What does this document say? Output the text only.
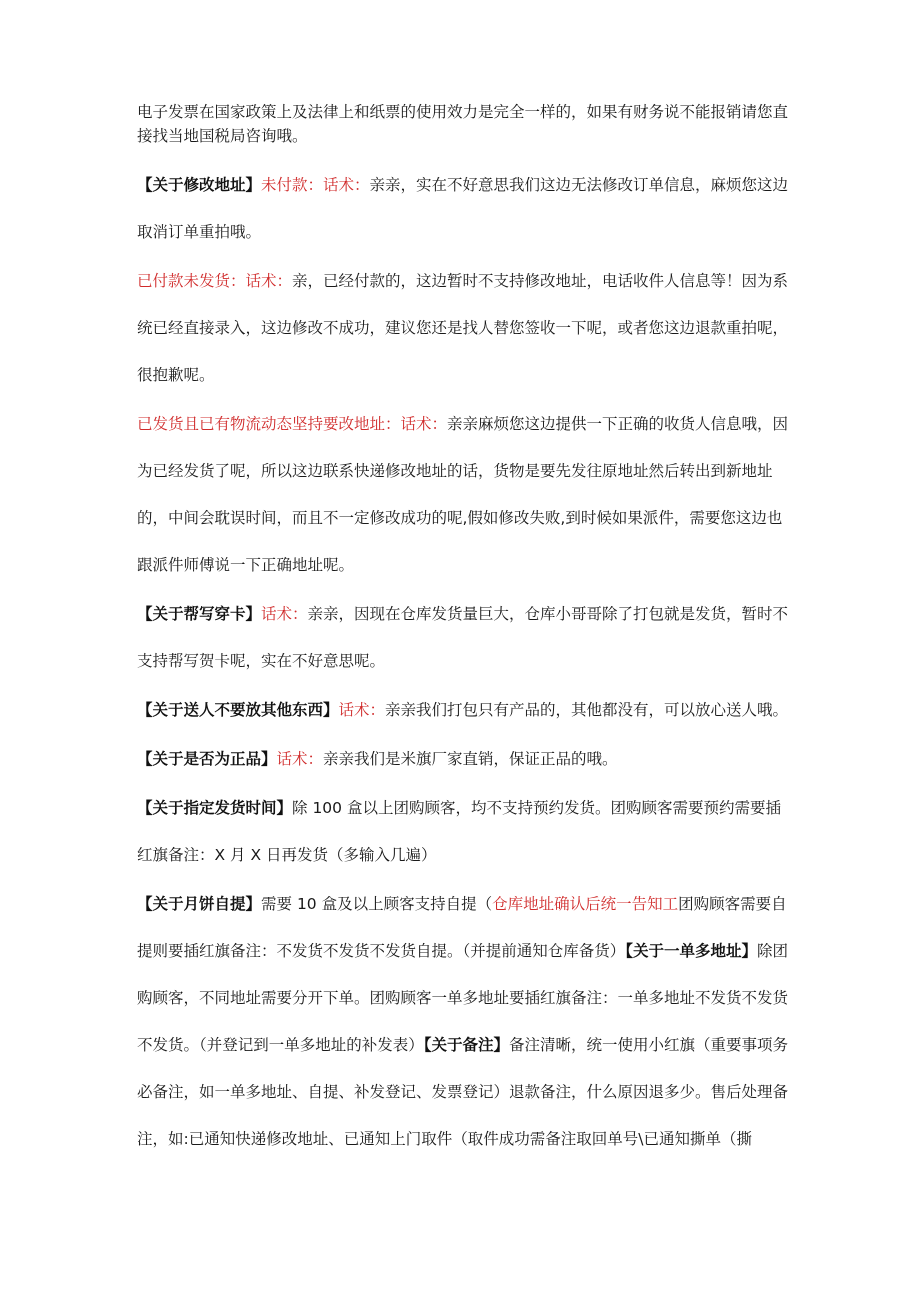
电子发票在国家政策上及法律上和纸票的使用效力是完全一样的，如果有财务说不能报销请您直接找当地国税局咨询哦。

【关于修改地址】未付款：话术：亲亲，实在不好意思我们这边无法修改订单信息，麻烦您这边取消订单重拍哦。

已付款未发货：话术：亲，已经付款的，这边暂时不支持修改地址，电话收件人信息等！因为系统已经直接录入，这边修改不成功，建议您还是找人替您签收一下呢，或者您这边退款重拍呢，很抱歉呢。

已发货且已有物流动态坚持要改地址：话术：亲亲麻烦您这边提供一下正确的收货人信息哦，因为已经发货了呢，所以这边联系快递修改地址的话，货物是要先发往原地址然后转出到新地址的，中间会耽误时间，而且不一定修改成功的呢,假如修改失败,到时候如果派件，需要您这边也跟派件师傅说一下正确地址呢。

【关于帮写穿卡】话术：亲亲，因现在仓库发货量巨大，仓库小哥哥除了打包就是发货，暂时不支持帮写贺卡呢，实在不好意思呢。

【关于送人不要放其他东西】话术：亲亲我们打包只有产品的，其他都没有，可以放心送人哦。

【关于是否为正品】话术：亲亲我们是米旗厂家直销，保证正品的哦。

【关于指定发货时间】除 100 盒以上团购顾客，均不支持预约发货。团购顾客需要预约需要插红旗备注：X 月 X 日再发货（多输入几遍）

【关于月饼自提】需要 10 盒及以上顾客支持自提（仓库地址确认后统一告知工团购顾客需要自提则要插红旗备注：不发货不发货不发货自提。（并提前通知仓库备货）【关于一单多地址】除团购顾客，不同地址需要分开下单。团购顾客一单多地址要插红旗备注：一单多地址不发货不发货不发货。（并登记到一单多地址的补发表）【关于备注】备注清晰，统一使用小红旗（重要事项务必备注，如一单多地址、自提、补发登记、发票登记）退款备注，什么原因退多少。售后处理备注，如:已通知快递修改地址、已通知上门取件（取件成功需备注取回单号\已通知撕单（撕
